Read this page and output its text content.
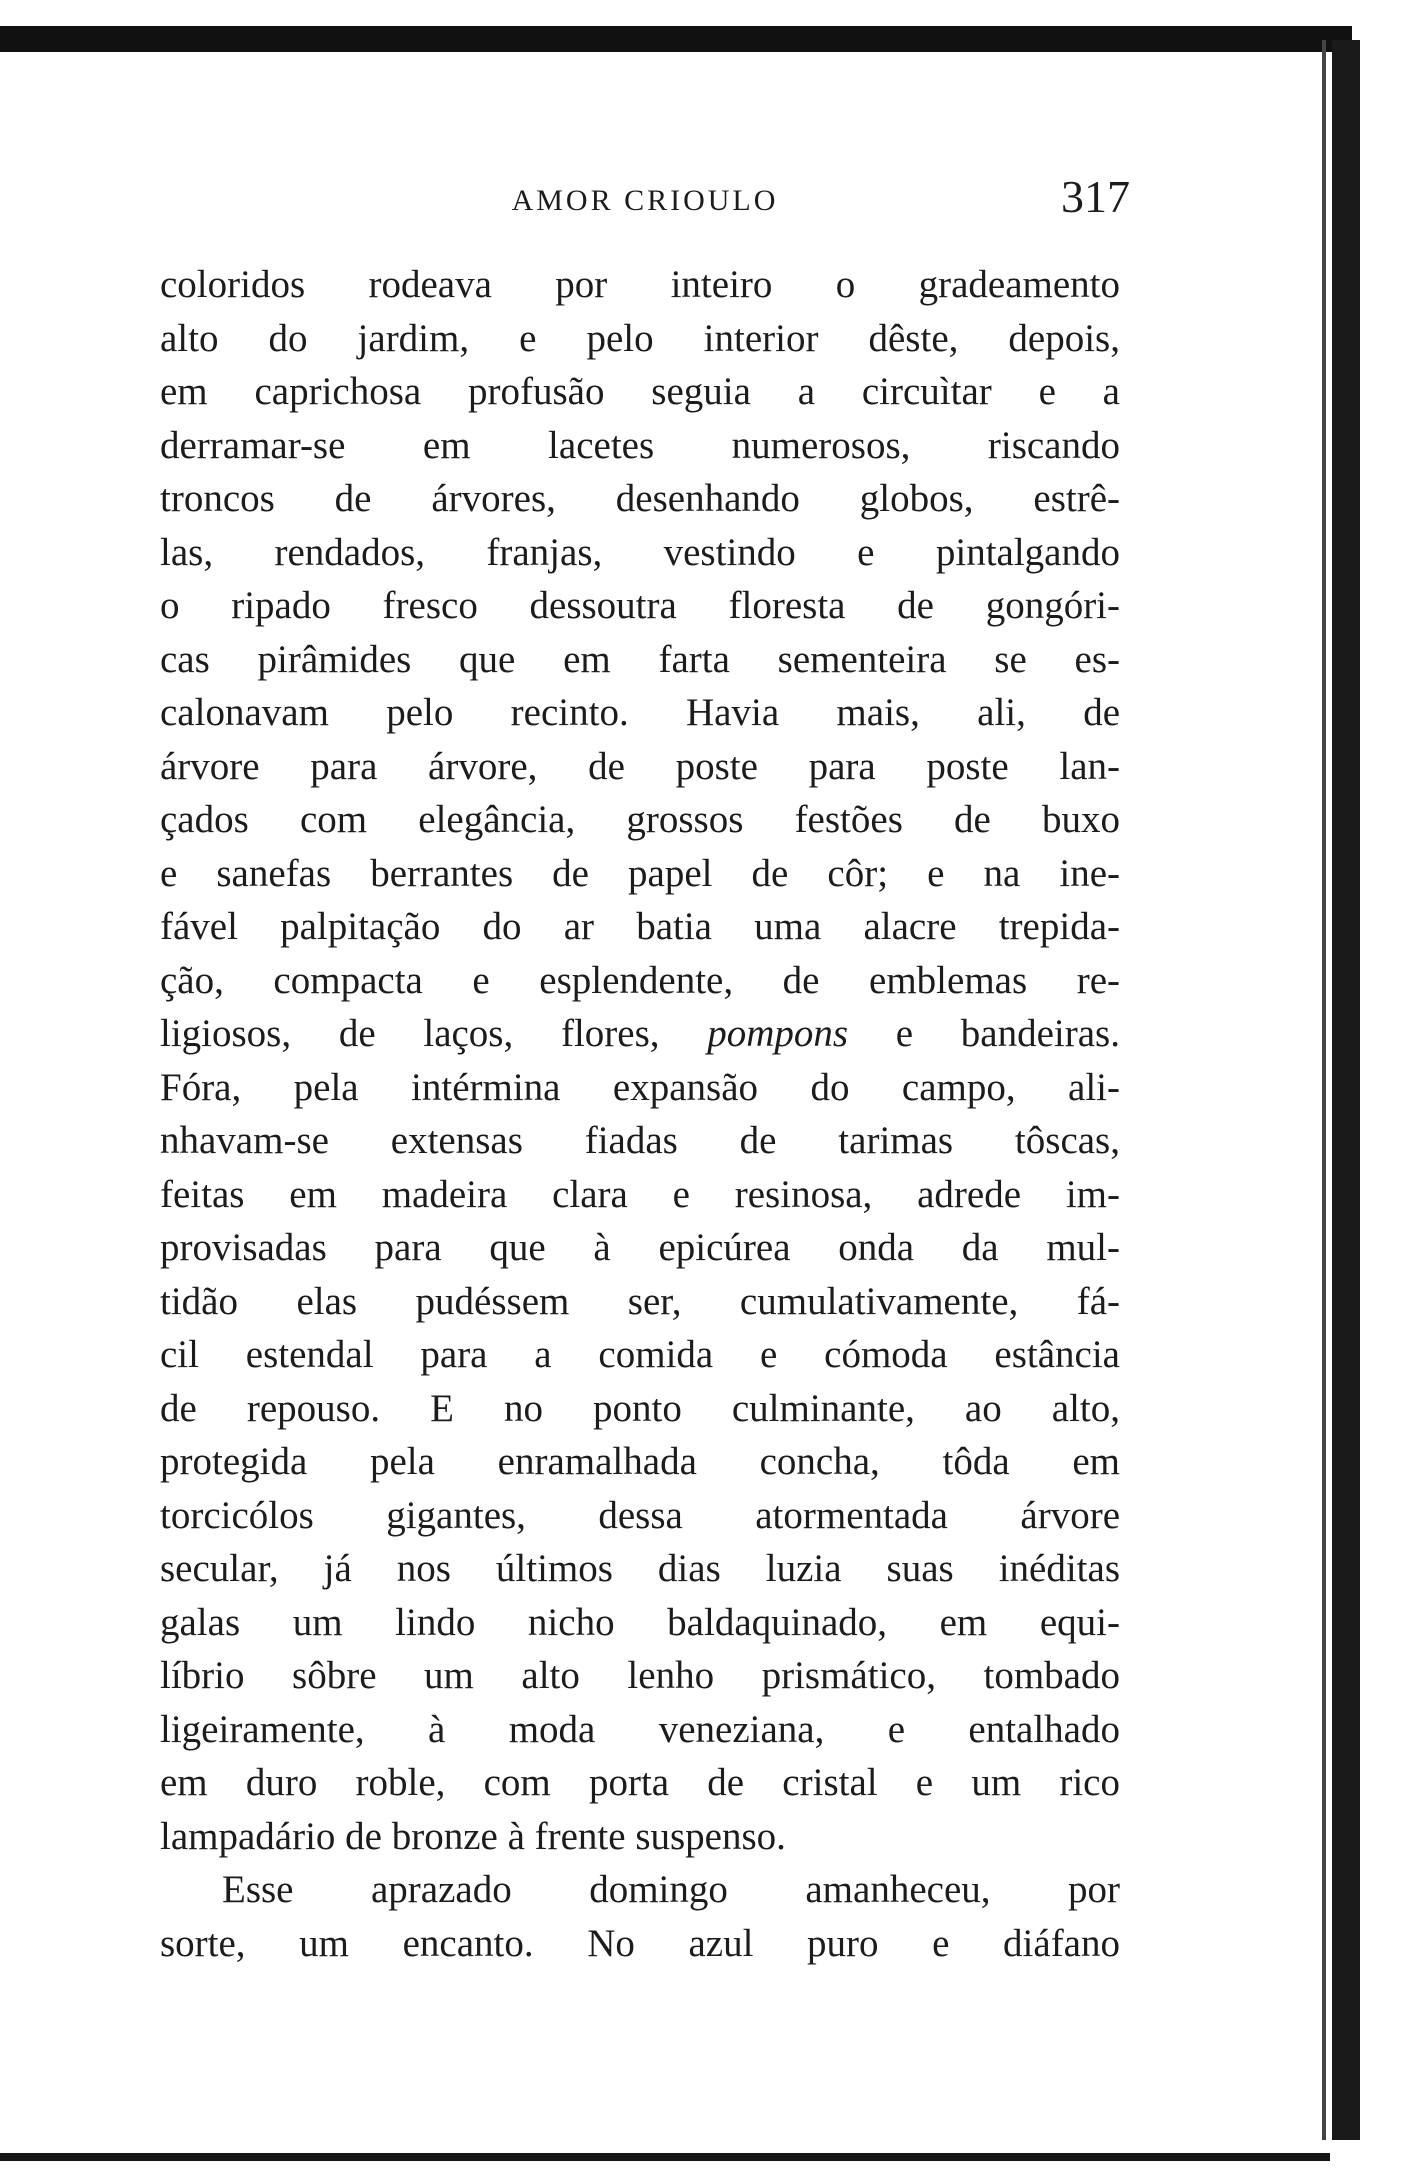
AMOR CRIOULO	317
coloridos rodeava por inteiro o gradeamento
alto do jardim, e pelo interior dêste, depois,
em caprichosa profusão seguia a circuìtar e a
derramar-se em lacetes numerosos, riscando
troncos de árvores, desenhando globos, estrê-
las, rendados, franjas, vestindo e pintalgando
o ripado fresco dessoutra floresta de gongóri-
cas pirâmides que em farta sementeira se es-
calonavam pelo recinto. Havia mais, ali, de
árvore para árvore, de poste para poste lan-
çados com elegância, grossos festões de buxo
e sanefas berrantes de papel de côr; e na ine-
fável palpitação do ar batia uma alacre trepida-
ção, compacta e esplendente, de emblemas re-
ligiosos, de laços, flores, pompons e bandeiras.
Fóra, pela intérmina expansão do campo, ali-
nhavam-se extensas fiadas de tarimas tôscas,
feitas em madeira clara e resinosa, adrede im-
provisadas para que à epicúrea onda da mul-
tidão elas pudéssem ser, cumulativamente, fá-
cil estendal para a comida e cómoda estância
de repouso. E no ponto culminante, ao alto,
protegida pela enramalhada concha, tôda em
torcicólos gigantes, dessa atormentada árvore
secular, já nos últimos dias luzia suas inéditas
galas um lindo nicho baldaquinado, em equi-
líbrio sôbre um alto lenho prismático, tombado
ligeiramente, à moda veneziana, e entalhado
em duro roble, com porta de cristal e um rico
lampadário de bronze à frente suspenso.
Esse aprazado domingo amanheceu, por
sorte, um encanto. No azul puro e diáfano
